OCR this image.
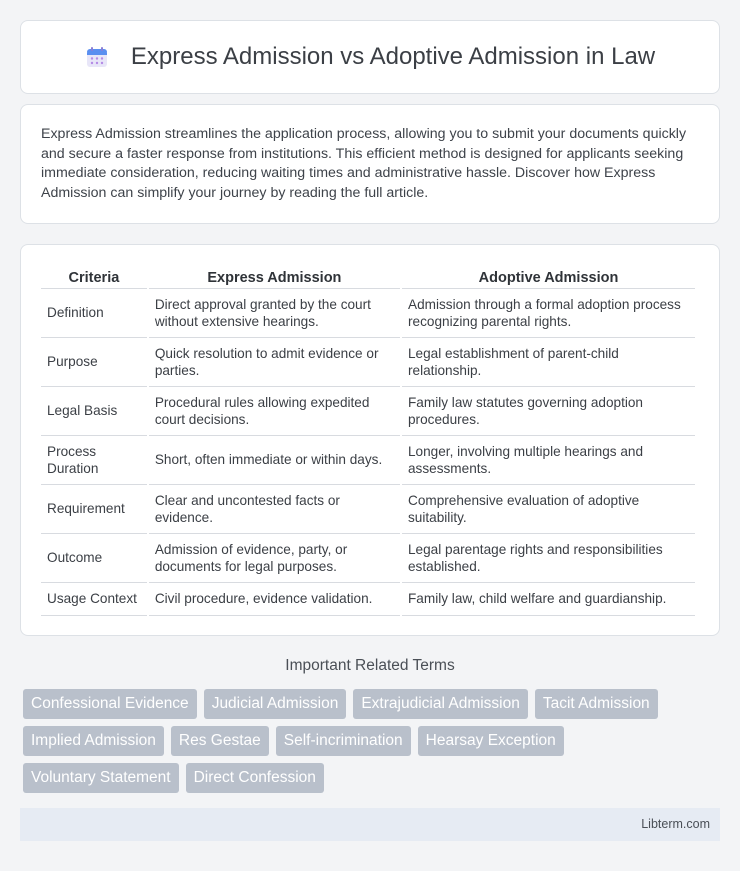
Express Admission vs Adoptive Admission in Law

Express Admission streamlines the application process, allowing you to submit your documents quickly and secure a faster response from institutions. This efficient method is designed for applicants seeking immediate consideration, reducing waiting times and administrative hassle. Discover how Express Admission can simplify your journey by reading the full article.

Criteria	Express Admission	Adoptive Admission
Definition	Direct approval granted by the court without extensive hearings.	Admission through a formal adoption process recognizing parental rights.
Purpose	Quick resolution to admit evidence or parties.	Legal establishment of parent-child relationship.
Legal Basis	Procedural rules allowing expedited court decisions.	Family law statutes governing adoption procedures.
Process Duration	Short, often immediate or within days.	Longer, involving multiple hearings and assessments.
Requirement	Clear and uncontested facts or evidence.	Comprehensive evaluation of adoptive suitability.
Outcome	Admission of evidence, party, or documents for legal purposes.	Legal parentage rights and responsibilities established.
Usage Context	Civil procedure, evidence validation.	Family law, child welfare and guardianship.
Important Related Terms
Confessional Evidence	Judicial Admission	Extrajudicial Admission	Tacit Admission
Implied Admission	Res Gestae	Self-incrimination	Hearsay Exception
Voluntary Statement	Direct Confession
Libterm.com
